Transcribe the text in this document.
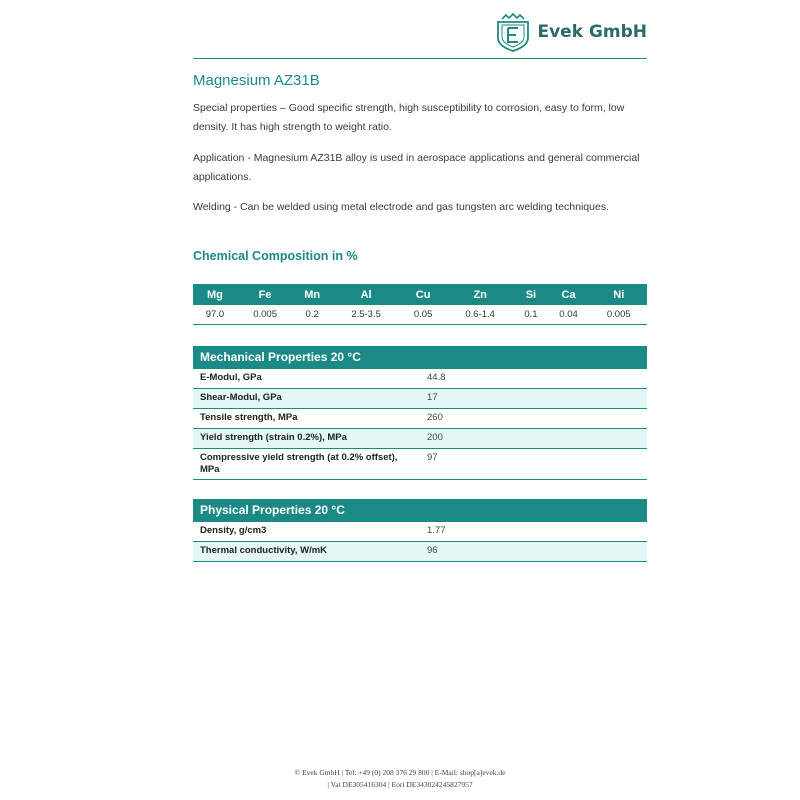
Evek GmbH
Magnesium AZ31B
Special properties – Good specific strength, high susceptibility to corrosion, easy to form, low density. It has high strength to weight ratio.
Application - Magnesium AZ31B alloy is used in aerospace applications and general commercial applications.
Welding - Can be welded using metal electrode and gas tungsten arc welding techniques.
Chemical Composition in %
Mg	Fe	Mn	Al	Cu	Zn	Si	Ca	Ni
97.0	0.005	0.2	2.5-3.5	0.05	0.6-1.4	0.1	0.04	0.005
Mechanical Properties 20 °C	
E-Modul, GPa	44.8
Shear-Modul, GPa	17
Tensile strength, MPa	260
Yield strength (strain 0.2%), MPa	200
Compressive yield strength (at 0.2% offset), MPa	97
Physical Properties 20 °C	
Density, g/cm3	1.77
Thermal conductivity, W/mK	96
© Evek GmbH | Tel: +49 (0) 208 376 29 800 | E-Mail: shop[a]evek.de
| Vat DE305416304 | Eori DE343024245827957
